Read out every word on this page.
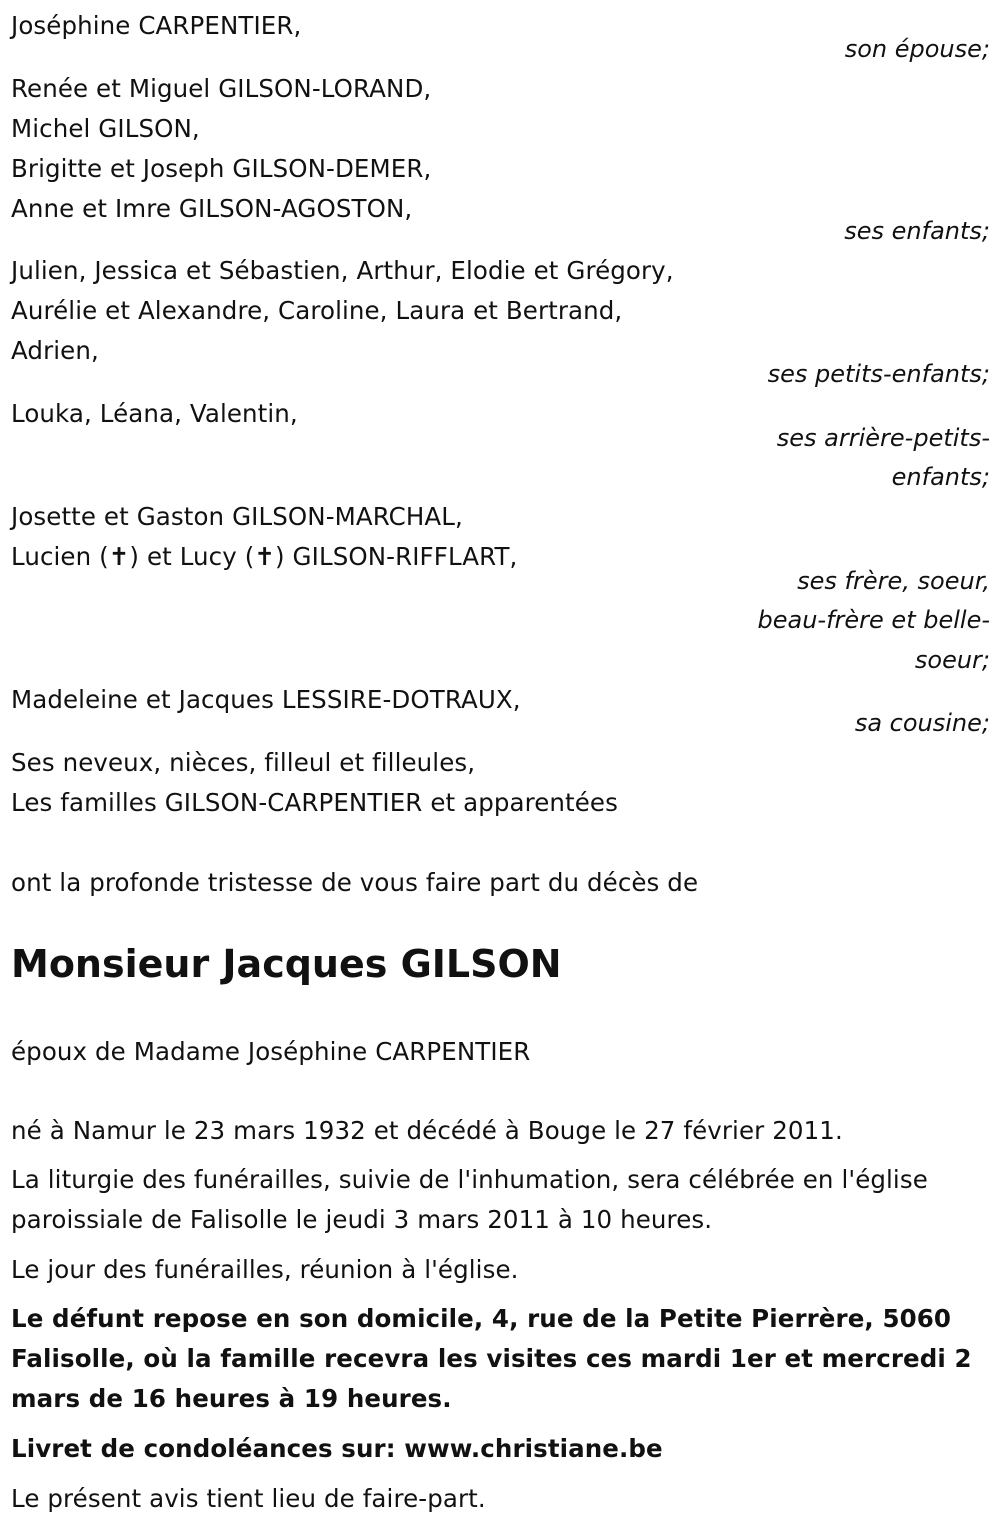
Joséphine CARPENTIER,
son épouse;
Renée et Miguel GILSON-LORAND,
Michel GILSON,
Brigitte et Joseph GILSON-DEMER,
Anne et Imre GILSON-AGOSTON,
ses enfants;
Julien, Jessica et Sébastien, Arthur, Elodie et Grégory,
Aurélie et Alexandre, Caroline, Laura et Bertrand,
Adrien,
ses petits-enfants;
Louka, Léana, Valentin,
ses arrière-petits-
enfants;
Josette et Gaston GILSON-MARCHAL,
Lucien (✝) et Lucy (✝) GILSON-RIFFLART,
ses frère, soeur,
beau-frère et belle-
soeur;
Madeleine et Jacques LESSIRE-DOTRAUX,
sa cousine;
Ses neveux, nièces, filleul et filleules,
Les familles GILSON-CARPENTIER et apparentées
ont la profonde tristesse de vous faire part du décès de
Monsieur Jacques GILSON
époux de Madame Joséphine CARPENTIER
né à Namur le 23 mars 1932 et décédé à Bouge le 27 février 2011.
La liturgie des funérailles, suivie de l'inhumation, sera célébrée en l'église
paroissiale de Falisolle le jeudi 3 mars 2011 à 10 heures.
Le jour des funérailles, réunion à l'église.
Le défunt repose en son domicile, 4, rue de la Petite Pierrère, 5060
Falisolle, où la famille recevra les visites ces mardi 1er et mercredi 2
mars de 16 heures à 19 heures.
Livret de condoléances sur: www.christiane.be
Le présent avis tient lieu de faire-part.
